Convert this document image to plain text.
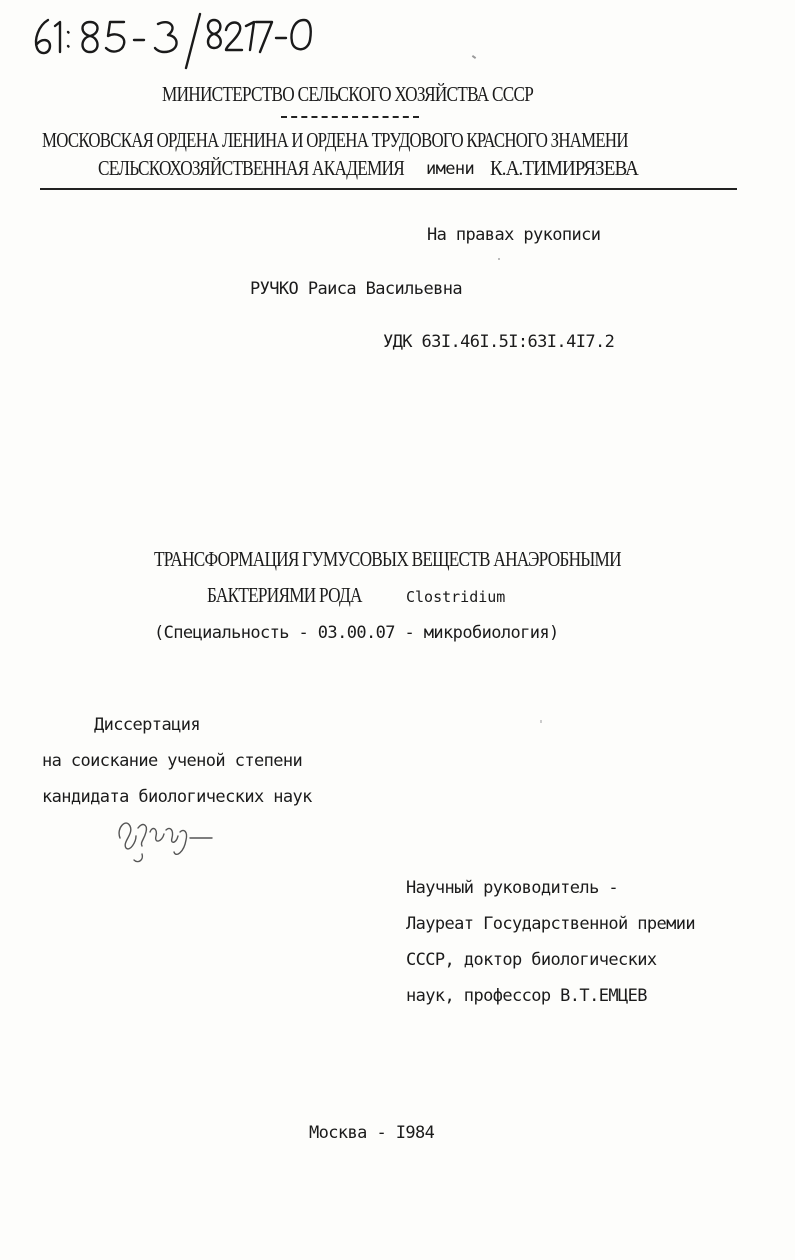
МИНИСТЕРСТВО СЕЛЬСКОГО ХОЗЯЙСТВА СССР
МОСКОВСКАЯ ОРДЕНА ЛЕНИНА И ОРДЕНА ТРУДОВОГО КРАСНОГО ЗНАМЕНИ
СЕЛЬСКОХОЗЯЙСТВЕННАЯ АКАДЕМИЯ имени К.А.ТИМИРЯЗЕВА
На правах рукописи
РУЧКО Раиса Васильевна
УДК 63I.46I.5I:63I.4I7.2
ТРАНСФОРМАЦИЯ ГУМУСОВЫХ ВЕЩЕСТВ АНАЭРОБНЫМИ
БАКТЕРИЯМИ РОДА	Clostridium
(Специальность - 03.00.07 - микробиология)
Диссертация
на соискание ученой степени
кандидата биологических наук
Научный руководитель -
Лауреат Государственной премии
СССР, доктор биологических
наук, профессор В.Т.ЕМЦЕВ
Москва - I984
